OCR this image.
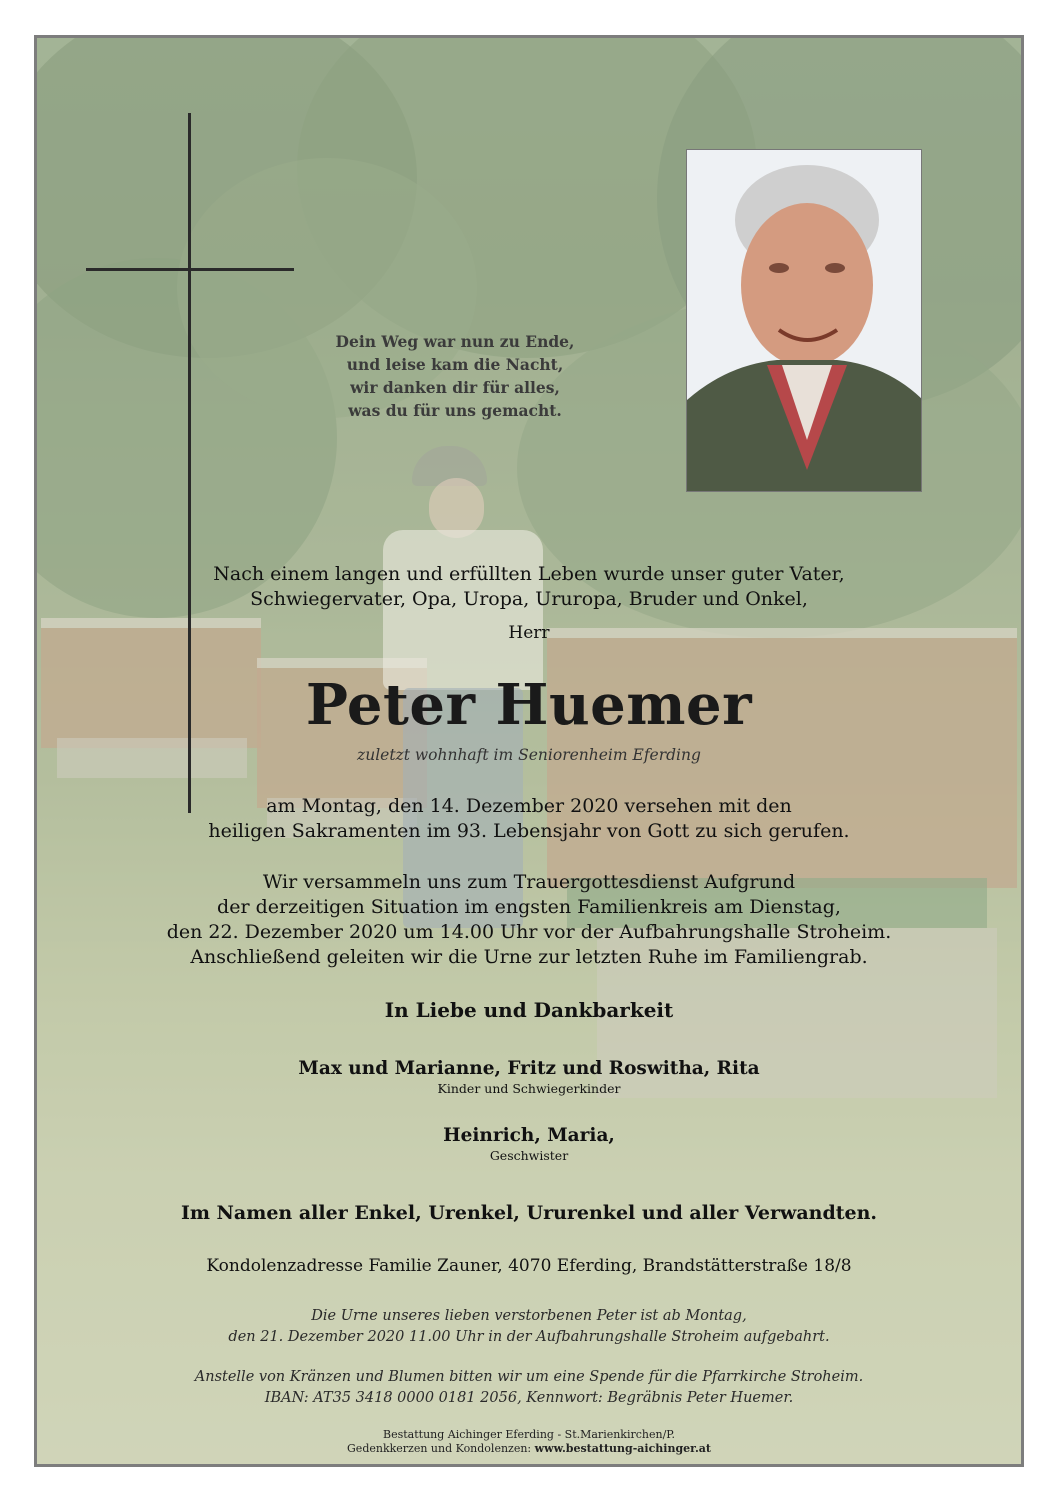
Dein Weg war nun zu Ende,
und leise kam die Nacht,
wir danken dir für alles,
was du für uns gemacht.
Nach einem langen und erfüllten Leben wurde unser guter Vater,
Schwiegervater, Opa, Uropa, Ururopa, Bruder und Onkel,
Herr
Peter Huemer
zuletzt wohnhaft im Seniorenheim Eferding
am Montag, den 14. Dezember 2020 versehen mit den
heiligen Sakramenten im 93. Lebensjahr von Gott zu sich gerufen.
Wir versammeln uns zum Trauergottesdienst Aufgrund
der derzeitigen Situation im engsten Familienkreis am Dienstag,
den 22. Dezember 2020 um 14.00 Uhr vor der Aufbahrungshalle Stroheim.
Anschließend geleiten wir die Urne zur letzten Ruhe im Familiengrab.
In Liebe und Dankbarkeit
Max und Marianne, Fritz und Roswitha, Rita
Kinder und Schwiegerkinder
Heinrich, Maria,
Geschwister
Im Namen aller Enkel, Urenkel, Ururenkel und aller Verwandten.
Kondolenzadresse Familie Zauner, 4070 Eferding, Brandstätterstraße 18/8
Die Urne unseres lieben verstorbenen Peter ist ab Montag,
den 21. Dezember 2020 11.00 Uhr in der Aufbahrungshalle Stroheim aufgebahrt.
Anstelle von Kränzen und Blumen bitten wir um eine Spende für die Pfarrkirche Stroheim.
IBAN: AT35 3418 0000 0181 2056, Kennwort: Begräbnis Peter Huemer.
Bestattung Aichinger Eferding - St.Marienkirchen/P.
Gedenkkerzen und Kondolenzen: www.bestattung-aichinger.at
